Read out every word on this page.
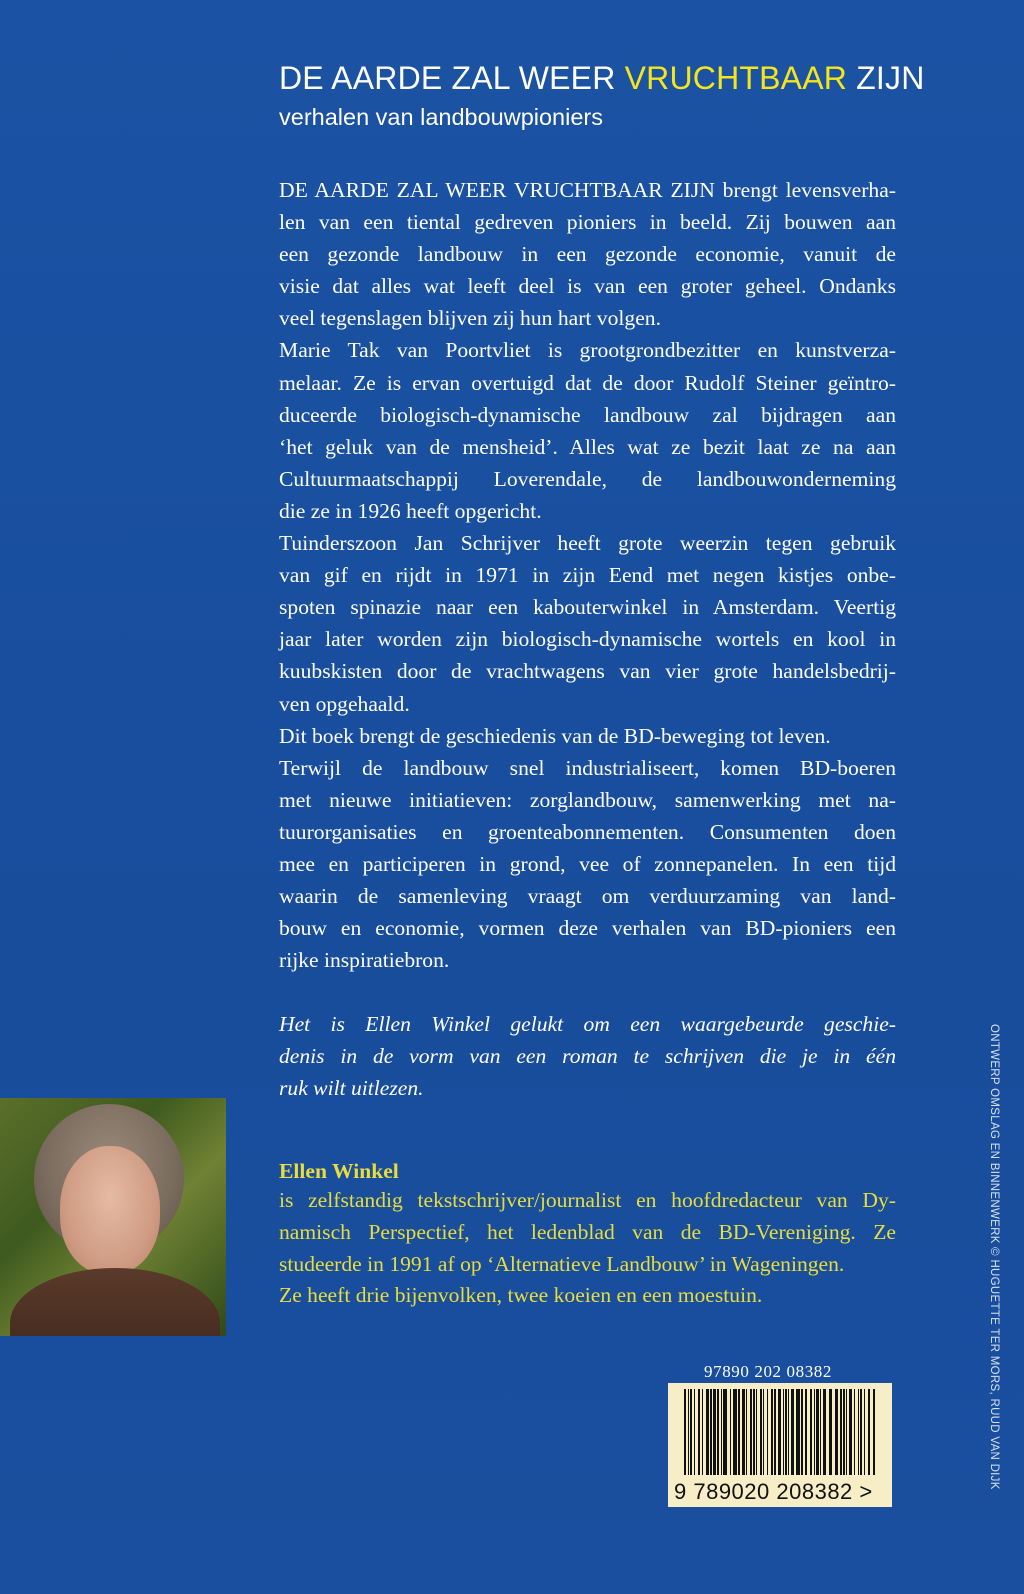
DE AARDE ZAL WEER VRUCHTBAAR ZIJN
verhalen van landbouwpioniers
DE AARDE ZAL WEER VRUCHTBAAR ZIJN brengt levensverha-
len van een tiental gedreven pioniers in beeld. Zij bouwen aan
een gezonde landbouw in een gezonde economie, vanuit de
visie dat alles wat leeft deel is van een groter geheel. Ondanks
veel tegenslagen blijven zij hun hart volgen.
Marie Tak van Poortvliet is grootgrondbezitter en kunstverza-
melaar. Ze is ervan overtuigd dat de door Rudolf Steiner geïntro-
duceerde biologisch-dynamische landbouw zal bijdragen aan
‘het geluk van de mensheid’. Alles wat ze bezit laat ze na aan
Cultuurmaatschappij Loverendale, de landbouwonderneming
die ze in 1926 heeft opgericht.
Tuinderszoon Jan Schrijver heeft grote weerzin tegen gebruik
van gif en rijdt in 1971 in zijn Eend met negen kistjes onbe-
spoten spinazie naar een kabouterwinkel in Amsterdam. Veertig
jaar later worden zijn biologisch-dynamische wortels en kool in
kuubskisten door de vrachtwagens van vier grote handelsbedrij-
ven opgehaald.
Dit boek brengt de geschiedenis van de BD-beweging tot leven.
Terwijl de landbouw snel industrialiseert, komen BD-boeren
met nieuwe initiatieven: zorglandbouw, samenwerking met na-
tuurorganisaties en groenteabonnementen. Consumenten doen
mee en participeren in grond, vee of zonnepanelen. In een tijd
waarin de samenleving vraagt om verduurzaming van land-
bouw en economie, vormen deze verhalen van BD-pioniers een
rijke inspiratiebron.
Het is Ellen Winkel gelukt om een waargebeurde geschie-
denis in de vorm van een roman te schrijven die je in één
ruk wilt uitlezen.
Ellen Winkel
is zelfstandig tekstschrijver/journalist en hoofdredacteur van Dy-
namisch Perspectief, het ledenblad van de BD-Vereniging. Ze
studeerde in 1991 af op ‘Alternatieve Landbouw’ in Wageningen.
Ze heeft drie bijenvolken, twee koeien en een moestuin.
97890 202 08382
9 789020 208382 >
ONTWERP OMSLAG EN BINNENWERK © HUGUETTE TER MORS, RUUD VAN DIJK
